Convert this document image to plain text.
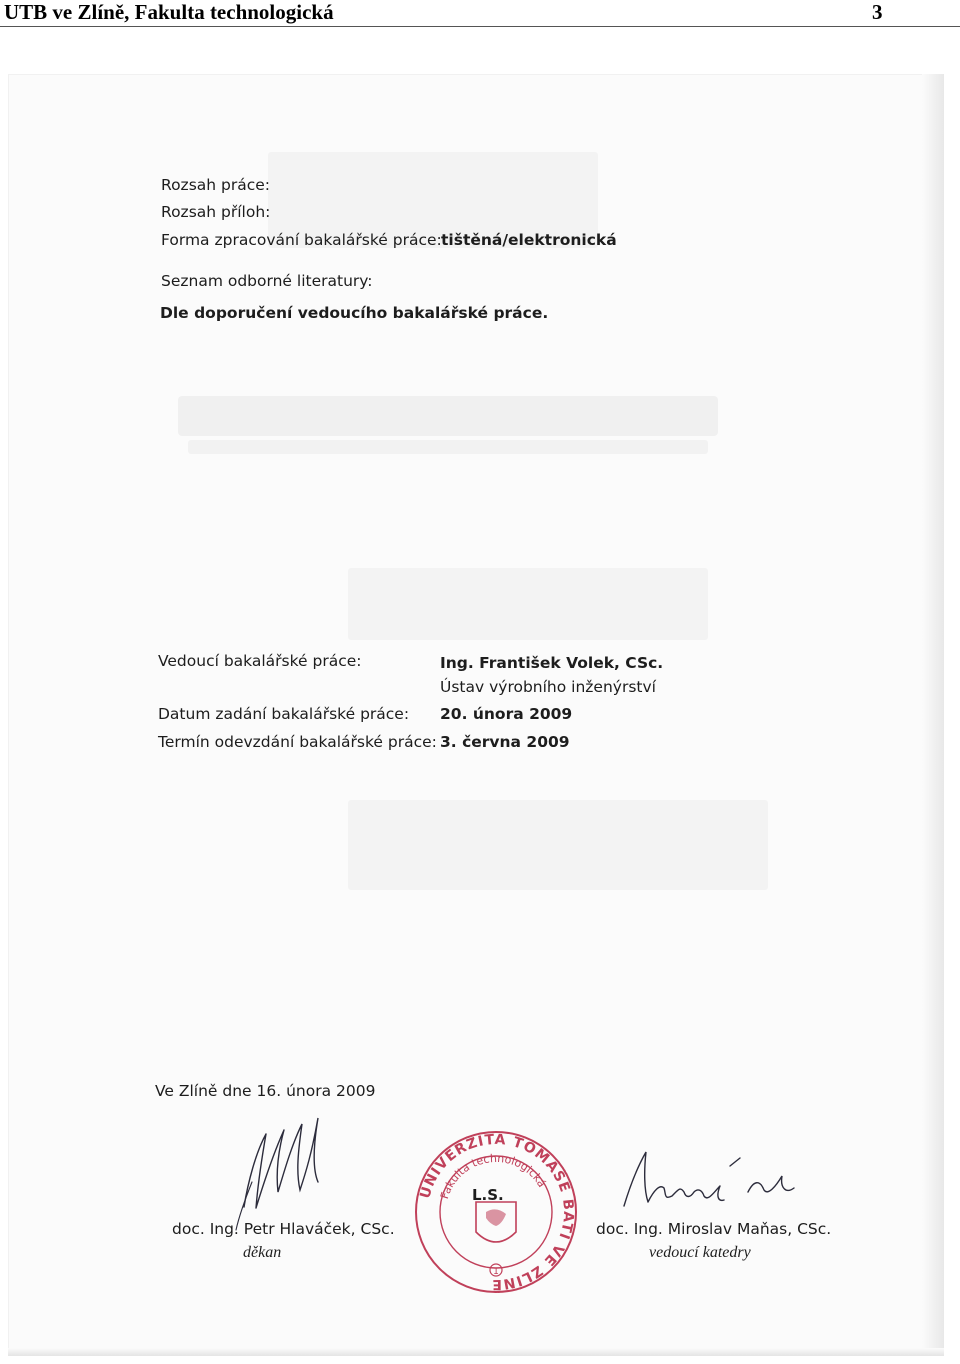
UTB ve Zlíně, Fakulta technologická	3
Rozsah práce:
Rozsah příloh:
Forma zpracování bakalářské práce: tištěná/elektronická
Seznam odborné literatury:
Dle doporučení vedoucího bakalářské práce.
Vedoucí bakalářské práce:	Ing. František Volek, CSc.
Ústav výrobního inženýrství
Datum zadání bakalářské práce: 20. února 2009
Termín odevzdání bakalářské práce: 3. června 2009
Ve Zlíně dne 16. února 2009
doc. Ing. Petr Hlaváček, CSc.
děkan
UNIVERZITA TOMÁŠE BATI VE ZLÍNĚ
Fakulta technologická
1
L.S.
doc. Ing. Miroslav Maňas, CSc.
vedoucí katedry
